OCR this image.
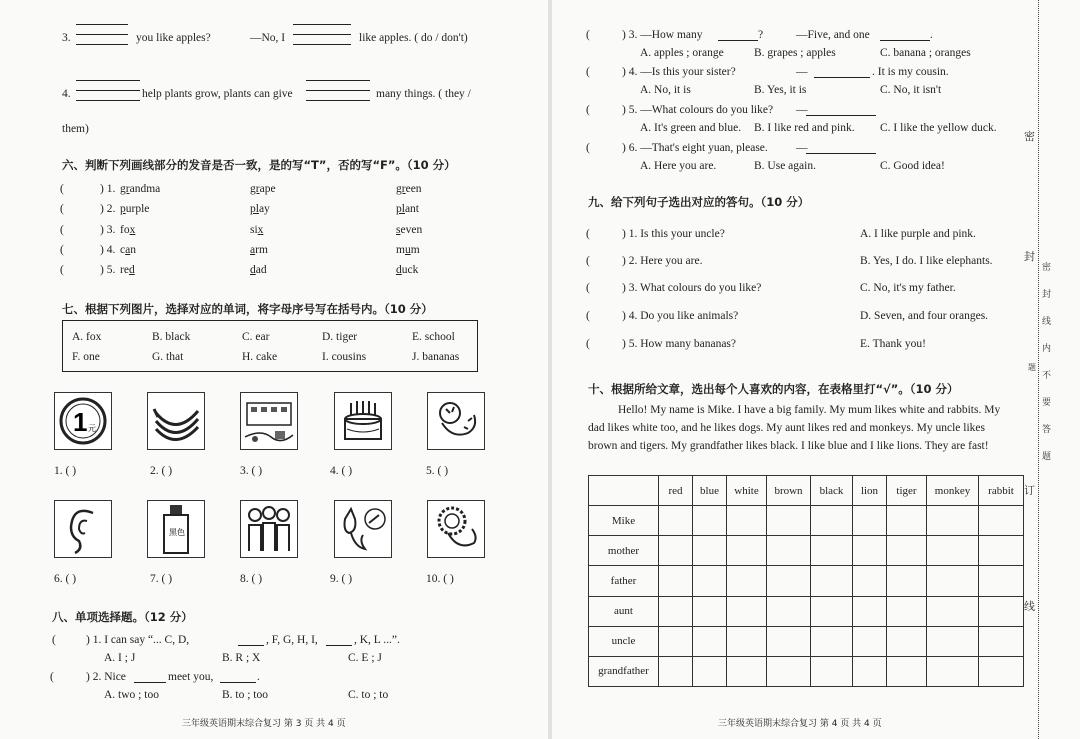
3.	you like apples?	—No, I	like apples. ( do / don't)
4.	help plants grow, plants can give	many things. ( they /
them)
六、判断下列画线部分的发音是否一致，是的写“T”，否的写“F”。（10 分）
(	) 1. grandma	grape	green
(	) 2. purple	play	plant
(	) 3. fox	six	seven
(	) 4. can	arm	mum
(	) 5. red	dad	duck
七、根据下列图片，选择对应的单词，将字母序号写在括号内。（10 分）
A. fox	B. black	C. ear	D. tiger	E. school
F. one	G. that	H. cake	I. cousins	J. bananas
1 元
1. ( )	2. ( )	3. ( )	4. ( )	5. ( )
黑色
6. ( )	7. ( )	8. ( )	9. ( )	10. ( )
八、单项选择题。（12 分）
(	) 1. I can say “... C, D,	, F, G, H, I,	, K, L ...”.
A. I ; J	B. R ; X	C. E ; J
(	) 2. Nice	meet you,	.
A. two ; too	B. to ; too	C. to ; to
三年级英语期末综合复习 第 3 页 共 4 页
(	) 3. —How many	?	—Five, and one	.
A. apples ; orange	B. grapes ; apples	C. banana ; oranges
(	) 4. —Is this your sister?	—	. It is my cousin.
A. No, it is	B. Yes, it is	C. No, it isn't
(	) 5. —What colours do you like? —
A. It's green and blue. B. I like red and pink. C. I like the yellow duck.
(	) 6. —That's eight yuan, please. —
A. Here you are.	B. Use again.	C. Good idea!
九、给下列句子选出对应的答句。（10 分）
(	) 1. Is this your uncle?	A. I like purple and pink.
(	) 2. Here you are.	B. Yes, I do. I like elephants.
(	) 3. What colours do you like?	C. No, it's my father.
(	) 4. Do you like animals?	D. Seven, and four oranges.
(	) 5. How many bananas?	E. Thank you!
十、根据所给文章，选出每个人喜欢的内容，在表格里打“√”。（10 分）
Hello! My name is Mike. I have a big family. My mum likes white and rabbits. My
dad likes white too, and he likes dogs. My aunt likes red and monkeys. My uncle likes
brown and tigers. My grandfather likes black. I like blue and I like lions. They are fast!
	red	blue	white	brown	black	lion	tiger	monkey	rabbit
Mike									
mother									
father									
aunt									
uncle									
grandfather									
三年级英语期末综合复习 第 4 页 共 4 页
密
封
密 封 线 内 不 要 答 题
题
订
线
